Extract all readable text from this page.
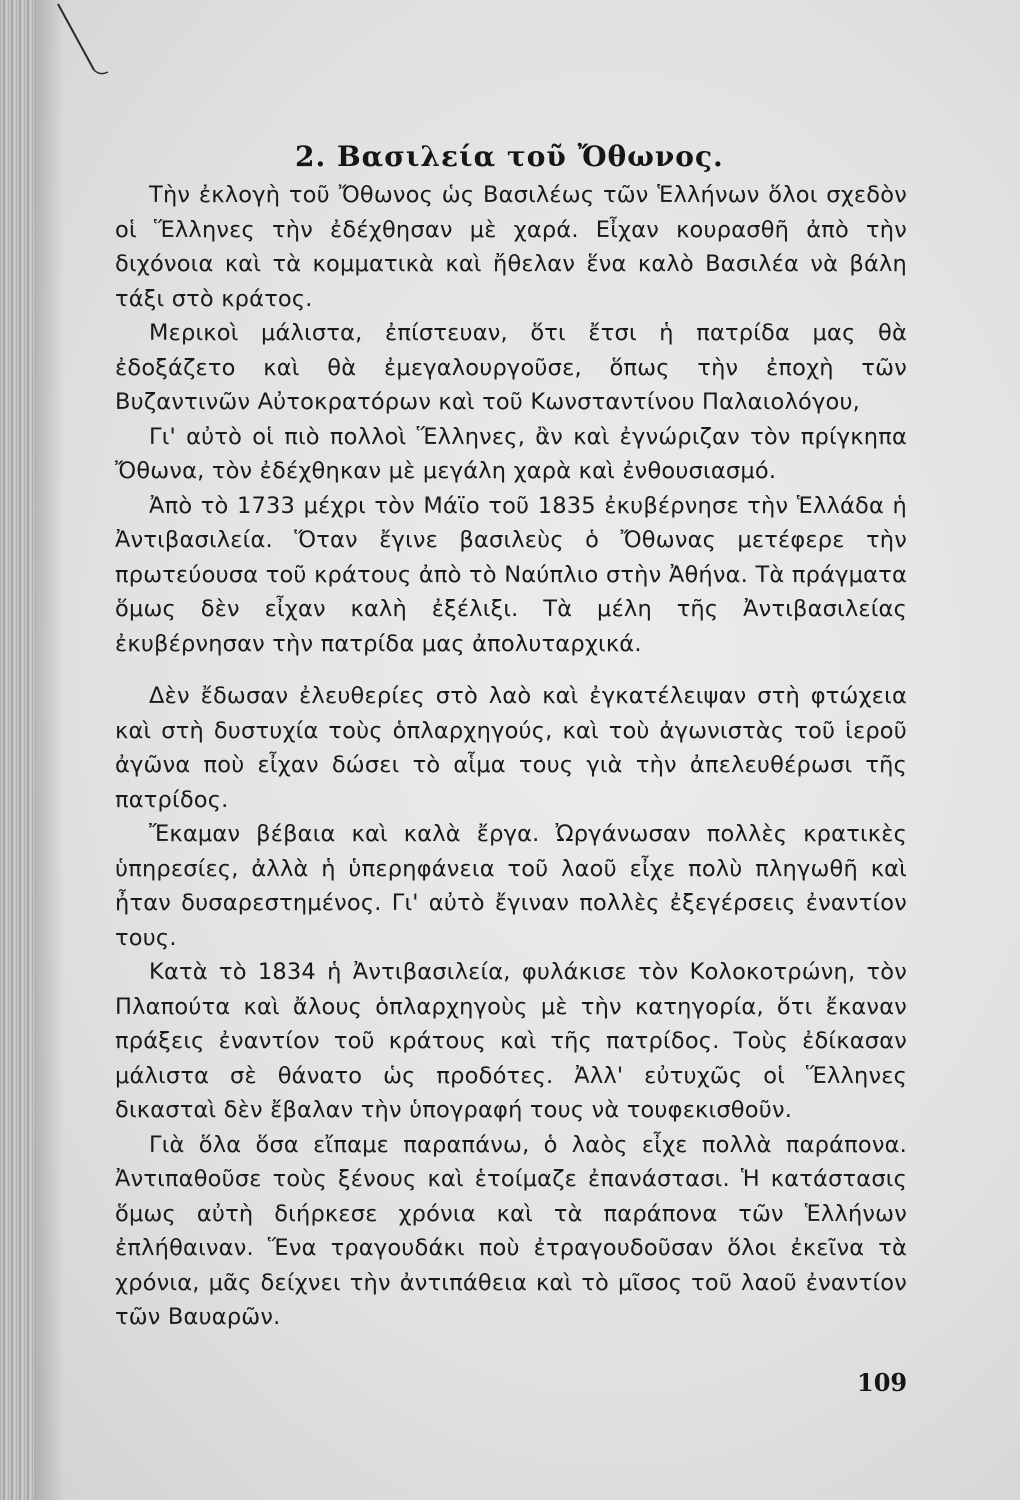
2. Βασιλεία τοῦ Ὄθωνος.

Τὴν ἐκλογὴ τοῦ Ὄθωνος ὡς Βασιλέως τῶν Ἑλλήνων ὅλοι σχεδὸν οἱ Ἕλληνες τὴν ἐδέχθησαν μὲ χαρά. Εἶχαν κουρασθῆ ἀπὸ τὴν διχόνοια καὶ τὰ κομματικὰ καὶ ἤθελαν ἕνα καλὸ Βασιλέα νὰ βάλη τάξι στὸ κράτος.

Μερικοὶ μάλιστα, ἐπίστευαν, ὅτι ἔτσι ἡ πατρίδα μας θὰ ἐδοξάζετο καὶ θὰ ἐμεγαλουργοῦσε, ὅπως τὴν ἐποχὴ τῶν Βυζαντινῶν Αὐτοκρατόρων καὶ τοῦ Κωνσταντίνου Παλαιολόγου,

Γι' αὐτὸ οἱ πιὸ πολλοὶ Ἕλληνες, ἂν καὶ ἐγνώριζαν τὸν πρίγκηπα Ὄθωνα, τὸν ἐδέχθηκαν μὲ μεγάλη χαρὰ καὶ ἐνθουσιασμό.

Ἀπὸ τὸ 1733 μέχρι τὸν Μάϊο τοῦ 1835 ἐκυβέρνησε τὴν Ἑλλάδα ἡ Ἀντιβασιλεία. Ὅταν ἔγινε βασιλεὺς ὁ Ὄθωνας μετέφερε τὴν πρωτεύουσα τοῦ κράτους ἀπὸ τὸ Ναύπλιο στὴν Ἀθήνα. Τὰ πράγματα ὅμως δὲν εἶχαν καλὴ ἐξέλιξι. Τὰ μέλη τῆς Ἀντιβασιλείας ἐκυβέρνησαν τὴν πατρίδα μας ἀπολυταρχικά.

Δὲν ἔδωσαν ἐλευθερίες στὸ λαὸ καὶ ἐγκατέλειψαν στὴ φτώχεια καὶ στὴ δυστυχία τοὺς ὁπλαρχηγούς, καὶ τοὺ ἀγωνιστὰς τοῦ ἱεροῦ ἀγῶνα ποὺ εἶχαν δώσει τὸ αἷμα τους γιὰ τὴν ἀπελευθέρωσι τῆς πατρίδος.

Ἔκαμαν βέβαια καὶ καλὰ ἔργα. Ὠργάνωσαν πολλὲς κρατικὲς ὑπηρεσίες, ἀλλὰ ἡ ὑπερηφάνεια τοῦ λαοῦ εἶχε πολὺ πληγωθῆ καὶ ἦταν δυσαρεστημένος. Γι' αὐτὸ ἔγιναν πολλὲς ἐξεγέρσεις ἐναντίον τους.

Κατὰ τὸ 1834 ἡ Ἀντιβασιλεία, φυλάκισε τὸν Κολοκοτρώνη, τὸν Πλαπούτα καὶ ἄλους ὁπλαρχηγοὺς μὲ τὴν κατηγορία, ὅτι ἔκαναν πράξεις ἐναντίον τοῦ κράτους καὶ τῆς πατρίδος. Τοὺς ἐδίκασαν μάλιστα σὲ θάνατο ὡς προδότες. Ἀλλ' εὐτυχῶς οἱ Ἕλληνες δικασταὶ δὲν ἔβαλαν τὴν ὑπογραφή τους νὰ τουφεκισθοῦν.

Γιὰ ὅλα ὅσα εἴπαμε παραπάνω, ὁ λαὸς εἶχε πολλὰ παράπονα. Ἀντιπαθοῦσε τοὺς ξένους καὶ ἑτοίμαζε ἐπανάστασι. Ἡ κατάστασις ὅμως αὐτὴ διήρκεσε χρόνια καὶ τὰ παράπονα τῶν Ἑλλήνων ἐπλήθαιναν. Ἕνα τραγουδάκι ποὺ ἐτραγουδοῦσαν ὅλοι ἐκεῖνα τὰ χρόνια, μᾶς δείχνει τὴν ἀντιπάθεια καὶ τὸ μῖσος τοῦ λαοῦ ἐναντίον τῶν Βαυαρῶν.

109
